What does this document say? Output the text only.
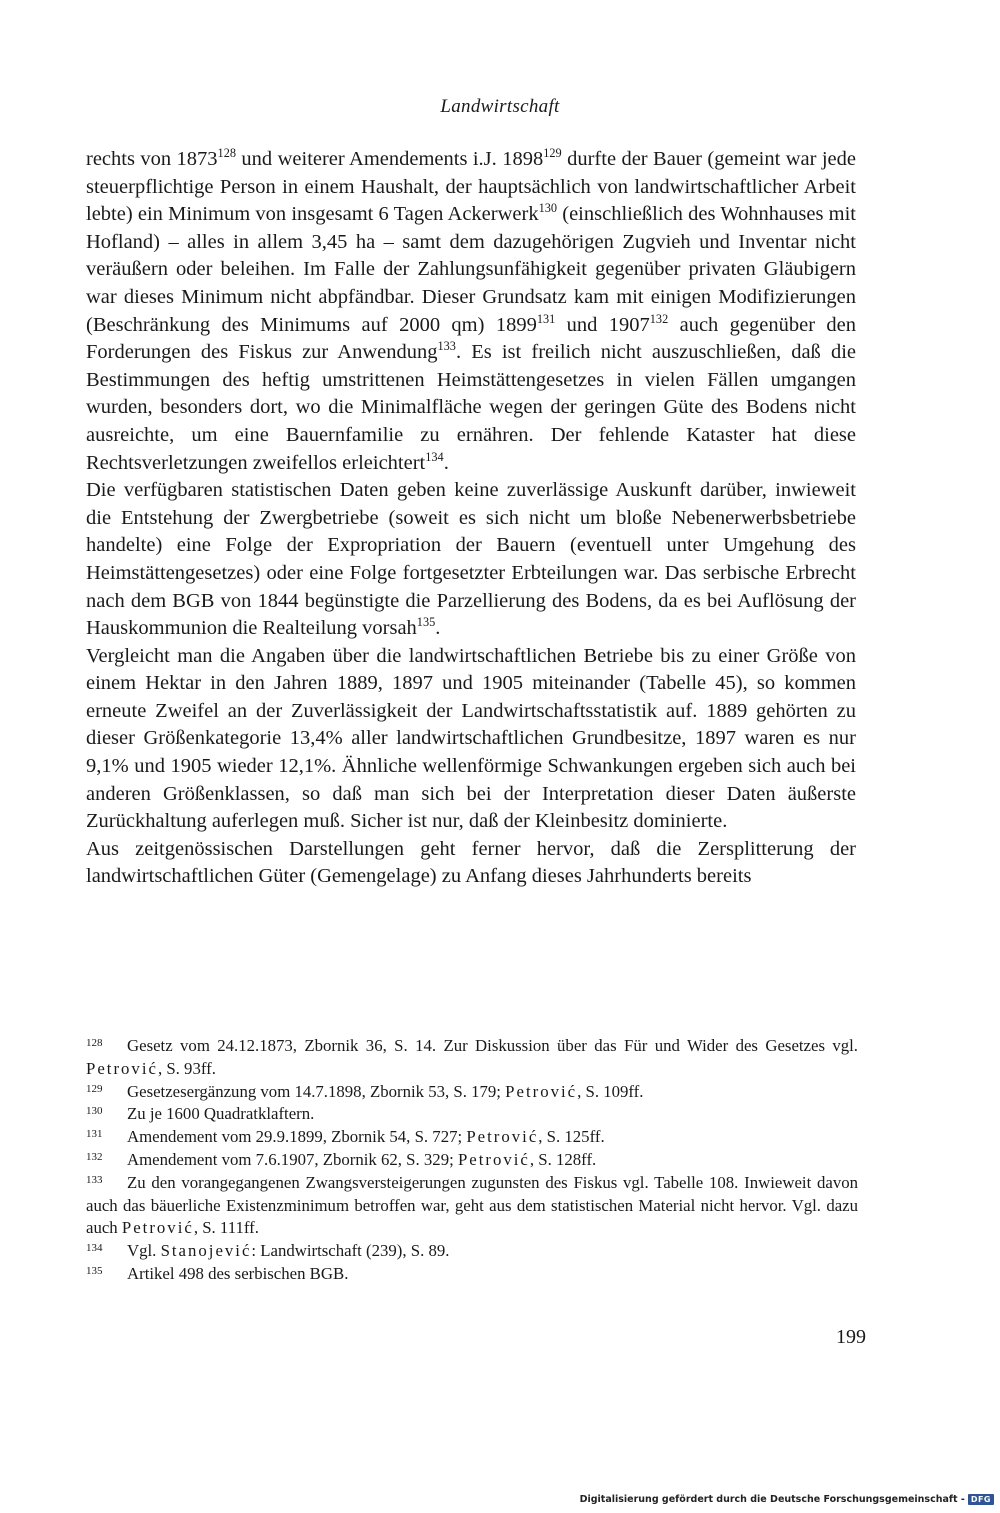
Landwirtschaft

rechts von 1873$^{128}$ und weiterer Amendements i.J. 1898$^{129}$ durfte der Bauer (gemeint war jede steuerpflichtige Person in einem Haushalt, der hauptsächlich von landwirtschaftlicher Arbeit lebte) ein Minimum von insgesamt 6 Tagen Ackerwerk$^{130}$ (einschließlich des Wohnhauses mit Hofland) – alles in allem 3,45 ha – samt dem dazugehörigen Zugvieh und Inventar nicht veräußern oder beleihen. Im Falle der Zahlungsunfähigkeit gegenüber privaten Gläubigern war dieses Minimum nicht abpfändbar. Dieser Grundsatz kam mit einigen Modifizierungen (Beschränkung des Minimums auf 2000 qm) 1899$^{131}$ und 1907$^{132}$ auch gegenüber den Forderungen des Fiskus zur Anwendung$^{133}$. Es ist freilich nicht auszuschließen, daß die Bestimmungen des heftig umstrittenen Heimstättengesetzes in vielen Fällen umgangen wurden, besonders dort, wo die Minimalfläche wegen der geringen Güte des Bodens nicht ausreichte, um eine Bauernfamilie zu ernähren. Der fehlende Kataster hat diese Rechtsverletzungen zweifellos erleichtert$^{134}$.

Die verfügbaren statistischen Daten geben keine zuverlässige Auskunft darüber, inwieweit die Entstehung der Zwergbetriebe (soweit es sich nicht um bloße Nebenerwerbsbetriebe handelte) eine Folge der Expropriation der Bauern (eventuell unter Umgehung des Heimstättengesetzes) oder eine Folge fortgesetzter Erbteilungen war. Das serbische Erbrecht nach dem BGB von 1844 begünstigte die Parzellierung des Bodens, da es bei Auflösung der Hauskommunion die Realteilung vorsah$^{135}$.

Vergleicht man die Angaben über die landwirtschaftlichen Betriebe bis zu einer Größe von einem Hektar in den Jahren 1889, 1897 und 1905 miteinander (Tabelle 45), so kommen erneute Zweifel an der Zuverlässigkeit der Landwirtschaftsstatistik auf. 1889 gehörten zu dieser Größenkategorie 13,4% aller landwirtschaftlichen Grundbesitze, 1897 waren es nur 9,1% und 1905 wieder 12,1%. Ähnliche wellenförmige Schwankungen ergeben sich auch bei anderen Größenklassen, so daß man sich bei der Interpretation dieser Daten äußerste Zurückhaltung auferlegen muß. Sicher ist nur, daß der Kleinbesitz dominierte.

Aus zeitgenössischen Darstellungen geht ferner hervor, daß die Zersplitterung der landwirtschaftlichen Güter (Gemengelage) zu Anfang dieses Jahrhunderts bereits

128 Gesetz vom 24.12.1873, Zbornik 36, S. 14. Zur Diskussion über das Für und Wider des Gesetzes vgl. Petrović, S. 93ff.

129 Gesetzesergänzung vom 14.7.1898, Zbornik 53, S. 179; Petrović, S. 109ff.

130 Zu je 1600 Quadratklaftern.

131 Amendement vom 29.9.1899, Zbornik 54, S. 727; Petrović, S. 125ff.

132 Amendement vom 7.6.1907, Zbornik 62, S. 329; Petrović, S. 128ff.

133 Zu den vorangegangenen Zwangsversteigerungen zugunsten des Fiskus vgl. Tabelle 108. Inwieweit davon auch das bäuerliche Existenzminimum betroffen war, geht aus dem statistischen Material nicht hervor. Vgl. dazu auch Petrović, S. 111ff.

134 Vgl. Stanojević: Landwirtschaft (239), S. 89.

135 Artikel 498 des serbischen BGB.

199
Digitalisierung gefördert durch die Deutsche Forschungsgemeinschaft - DFG
